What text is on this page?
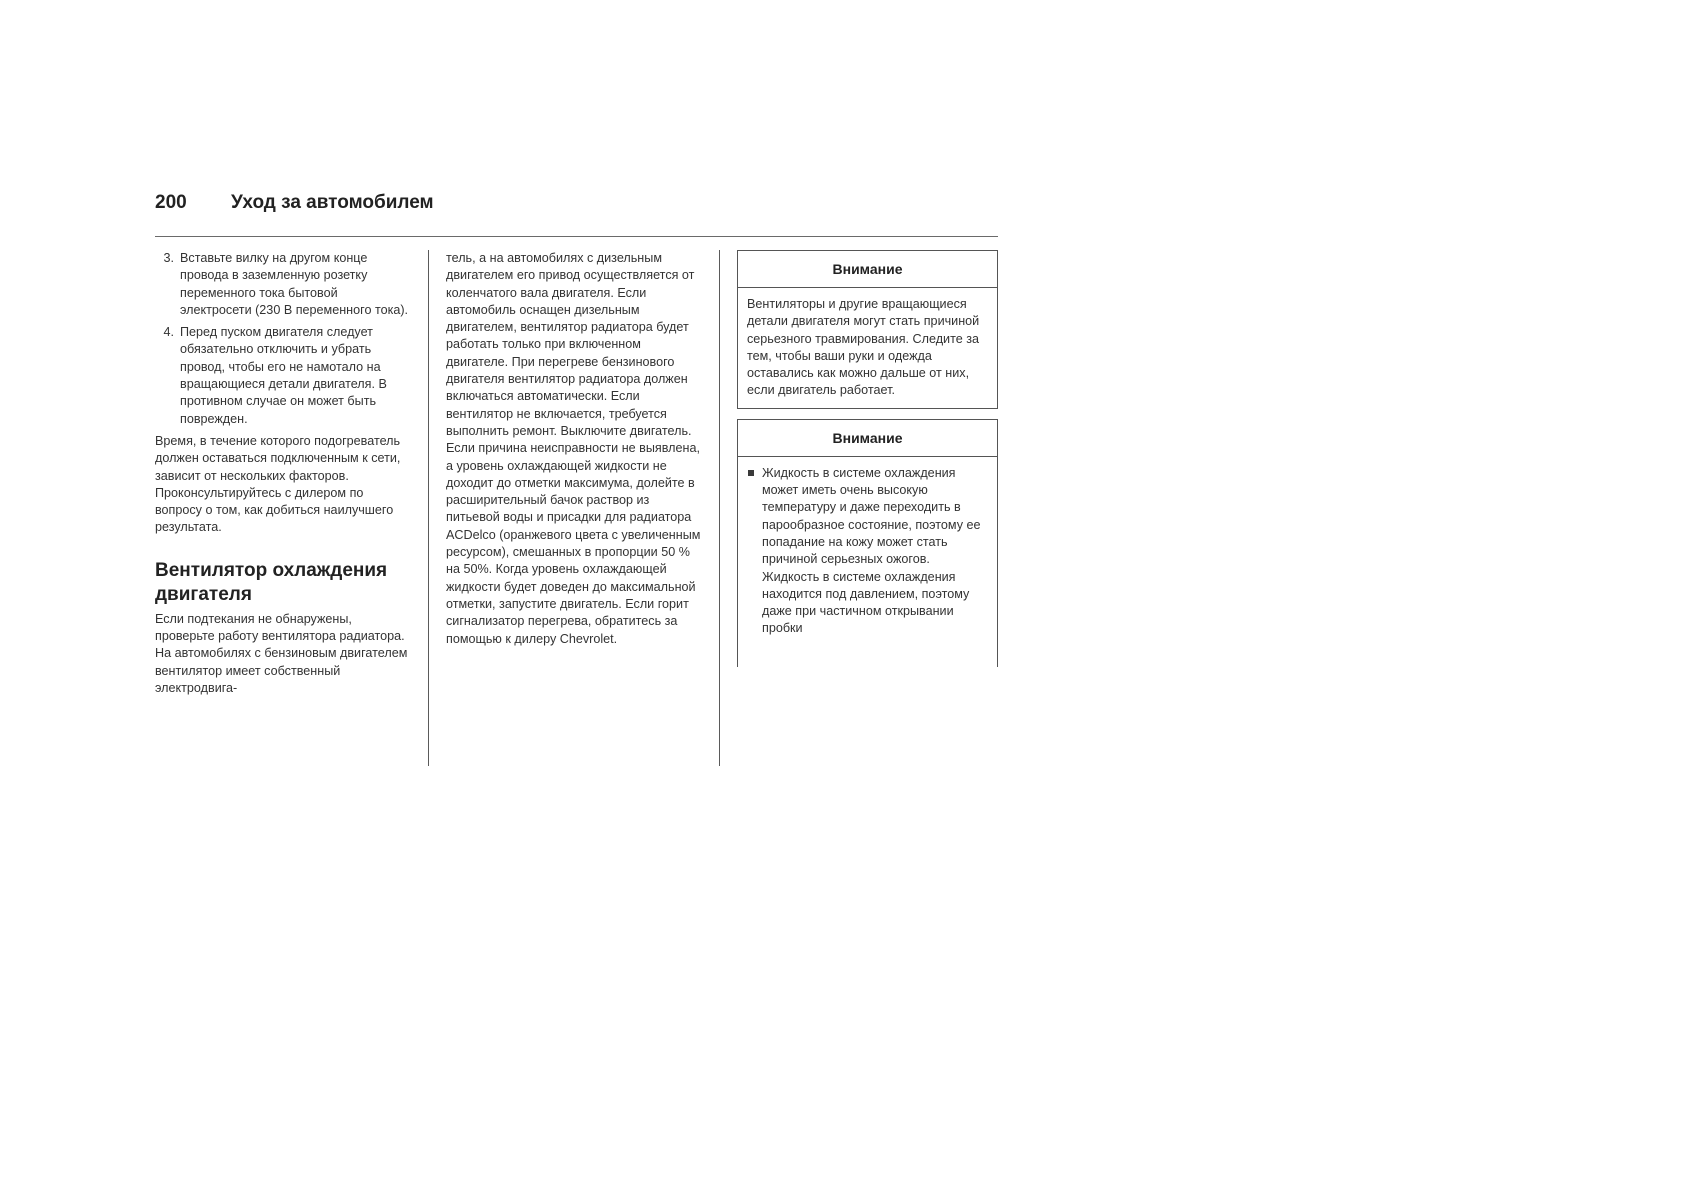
200 Уход за автомобилем
3. Вставьте вилку на другом конце провода в заземленную розетку переменного тока бытовой электросети (230 В переменного тока).
4. Перед пуском двигателя следует обязательно отключить и убрать провод, чтобы его не намотало на вращающиеся детали двигателя. В противном случае он может быть поврежден.

Время, в течение которого подогреватель должен оставаться подключенным к сети, зависит от нескольких факторов. Проконсультируйтесь с дилером по вопросу о том, как добиться наилучшего результата.

Вентилятор охлаждения двигателя

Если подтекания не обнаружены, проверьте работу вентилятора радиатора. На автомобилях с бензиновым двигателем вентилятор имеет собственный электродвига-

тель, а на автомобилях с дизельным двигателем его привод осуществляется от коленчатого вала двигателя. Если автомобиль оснащен дизельным двигателем, вентилятор радиатора будет работать только при включенном двигателе. При перегреве бензинового двигателя вентилятор радиатора должен включаться автоматически. Если вентилятор не включается, требуется выполнить ремонт. Выключите двигатель. Если причина неисправности не выявлена, а уровень охлаждающей жидкости не доходит до отметки максимума, долейте в расширительный бачок раствор из питьевой воды и присадки для радиатора ACDelco (оранжевого цвета с увеличенным ресурсом), смешанных в пропорции 50 % на 50%. Когда уровень охлаждающей жидкости будет доведен до максимальной отметки, запустите двигатель. Если горит сигнализатор перегрева, обратитесь за помощью к дилеру Chevrolet.

Внимание
Вентиляторы и другие вращающиеся детали двигателя могут стать причиной серьезного травмирования. Следите за тем, чтобы ваши руки и одежда оставались как можно дальше от них, если двигатель работает.
Внимание
Жидкость в системе охлаждения может иметь очень высокую температуру и даже переходить в парообразное состояние, поэтому ее попадание на кожу может стать причиной серьезных ожогов. Жидкость в системе охлаждения находится под давлением, поэтому даже при частичном открывании пробки
